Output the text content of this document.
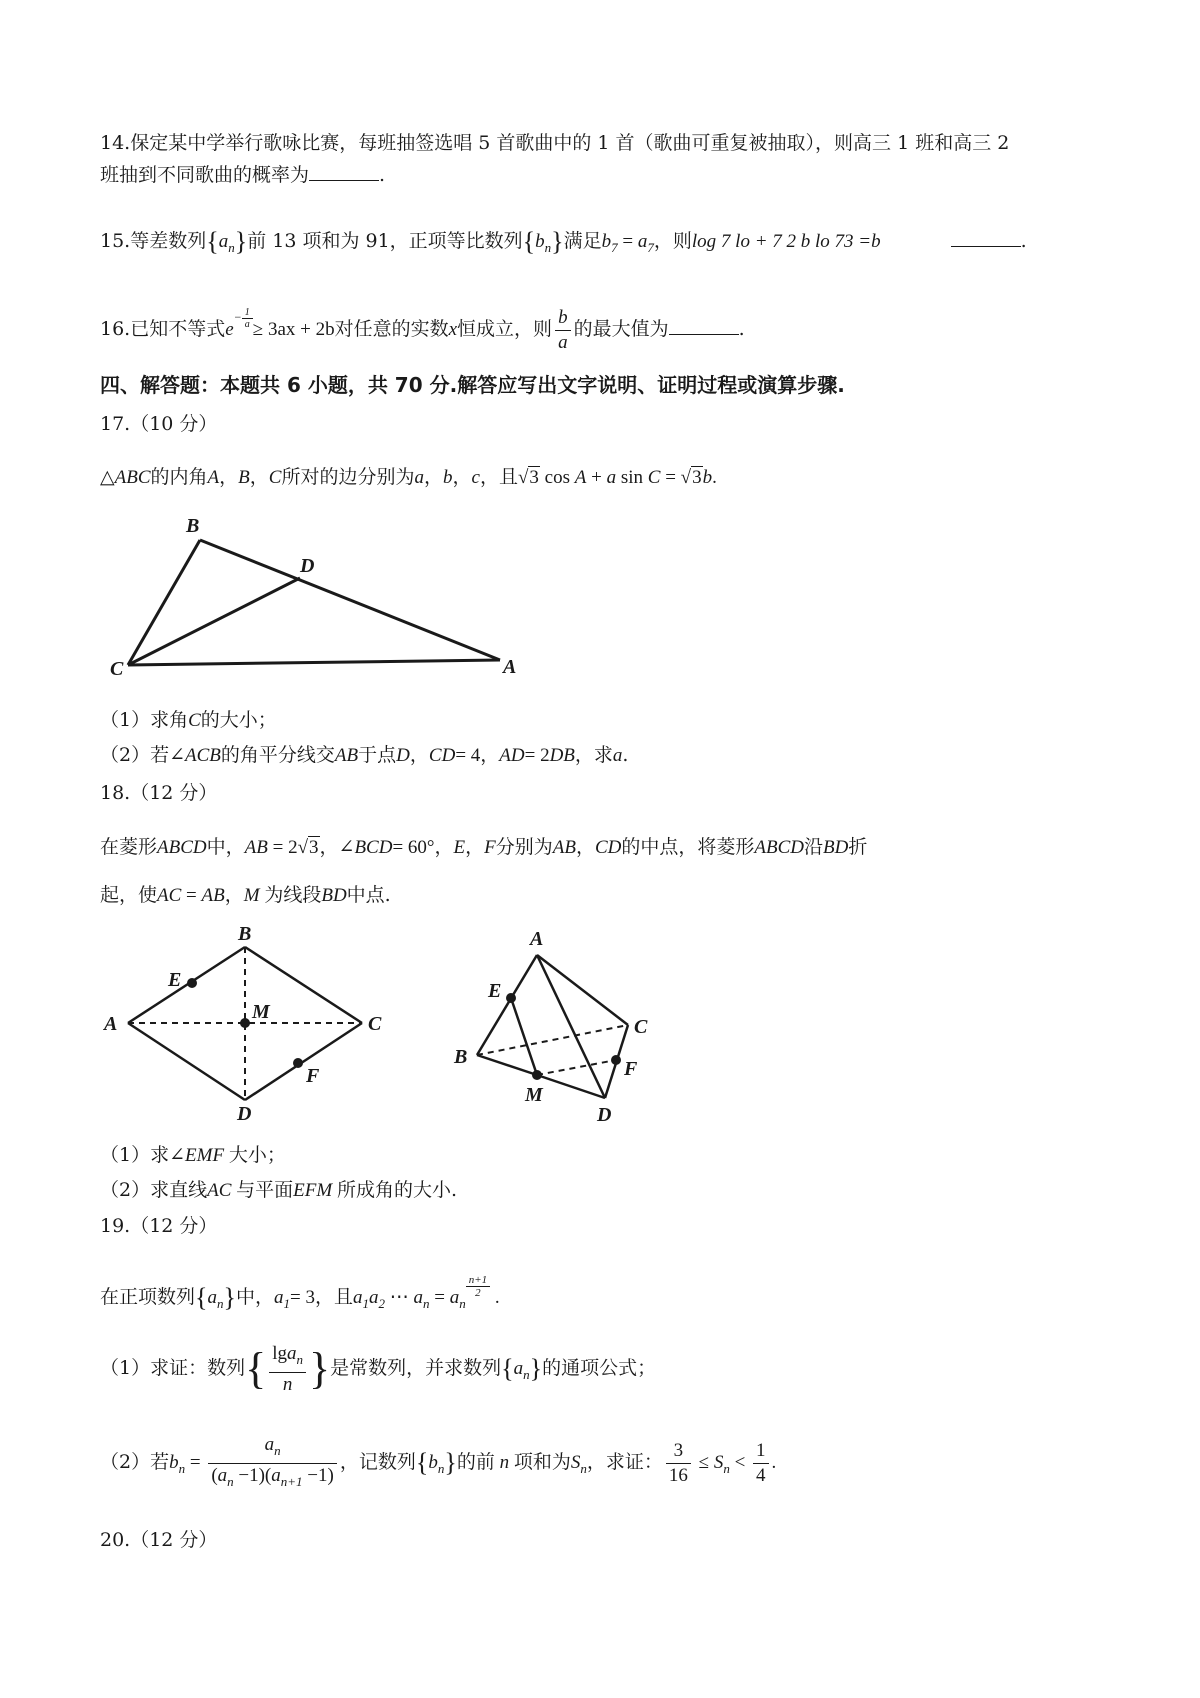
14.保定某中学举行歌咏比赛，每班抽签选唱 5 首歌曲中的 1 首（歌曲可重复被抽取），则高三 1 班和高三 2
班抽到不同歌曲的概率为	.
15.等差数列$\{a_n\}$前 13 项和为 91，正项等比数列$\{b_n\}$满足$b_7 = a_7$，则log 7 lo + 7 2 b lo 73 =b	.
16.已知不等式$e^{- \frac{1}{a}} \ge 3ax + 2b$对任意的实数x恒成立，则 $\frac{b}{a}$ 的最大值为	.
四、解答题：本题共 6 小题，共 70 分.解答应写出文字说明、证明过程或演算步骤.
17.（10 分）
△ABC的内角A，B，C所对的边分别为a，b，c，且√3 cos A + a sin C = √3b.
B
D
C	A
（1）求角C的大小；
（2）若∠ACB的角平分线交AB于点D，CD= 4，AD= 2DB，求a.
18.（12 分）
在菱形ABCD中，AB = 2√3，∠BCD= 60°，E，F分别为AB，CD的中点，将菱形ABCD沿BD折
起，使AC = AB，M 为线段BD中点.
B
E
M
A	C
F
D
A
E
C
B
F
M
D
（1）求∠EMF 大小；
（2）求直线AC 与平面EFM 所成角的大小.
19.（12 分）
在正项数列$\{a_n\}$中，$a_1= 3$，且$a_1a_2$ ⋯ $a_n = a_n$
$^{\frac{n+1}{2}}$ .
（1）求证：数列{ $\frac{\lg a_n}{n}$ }是常数列，并求数列$\{a_n\}$的通项公式；
（2）若$b_n = \frac{a_n}{(a_n -1)(a_{n+1} -1)}$ ，记数列$\{b_n\}$的前 n 项和为$S_n$，求证： $\frac{3}{16} \le S_n < \frac{1}{4}$ .
20.（12 分）
